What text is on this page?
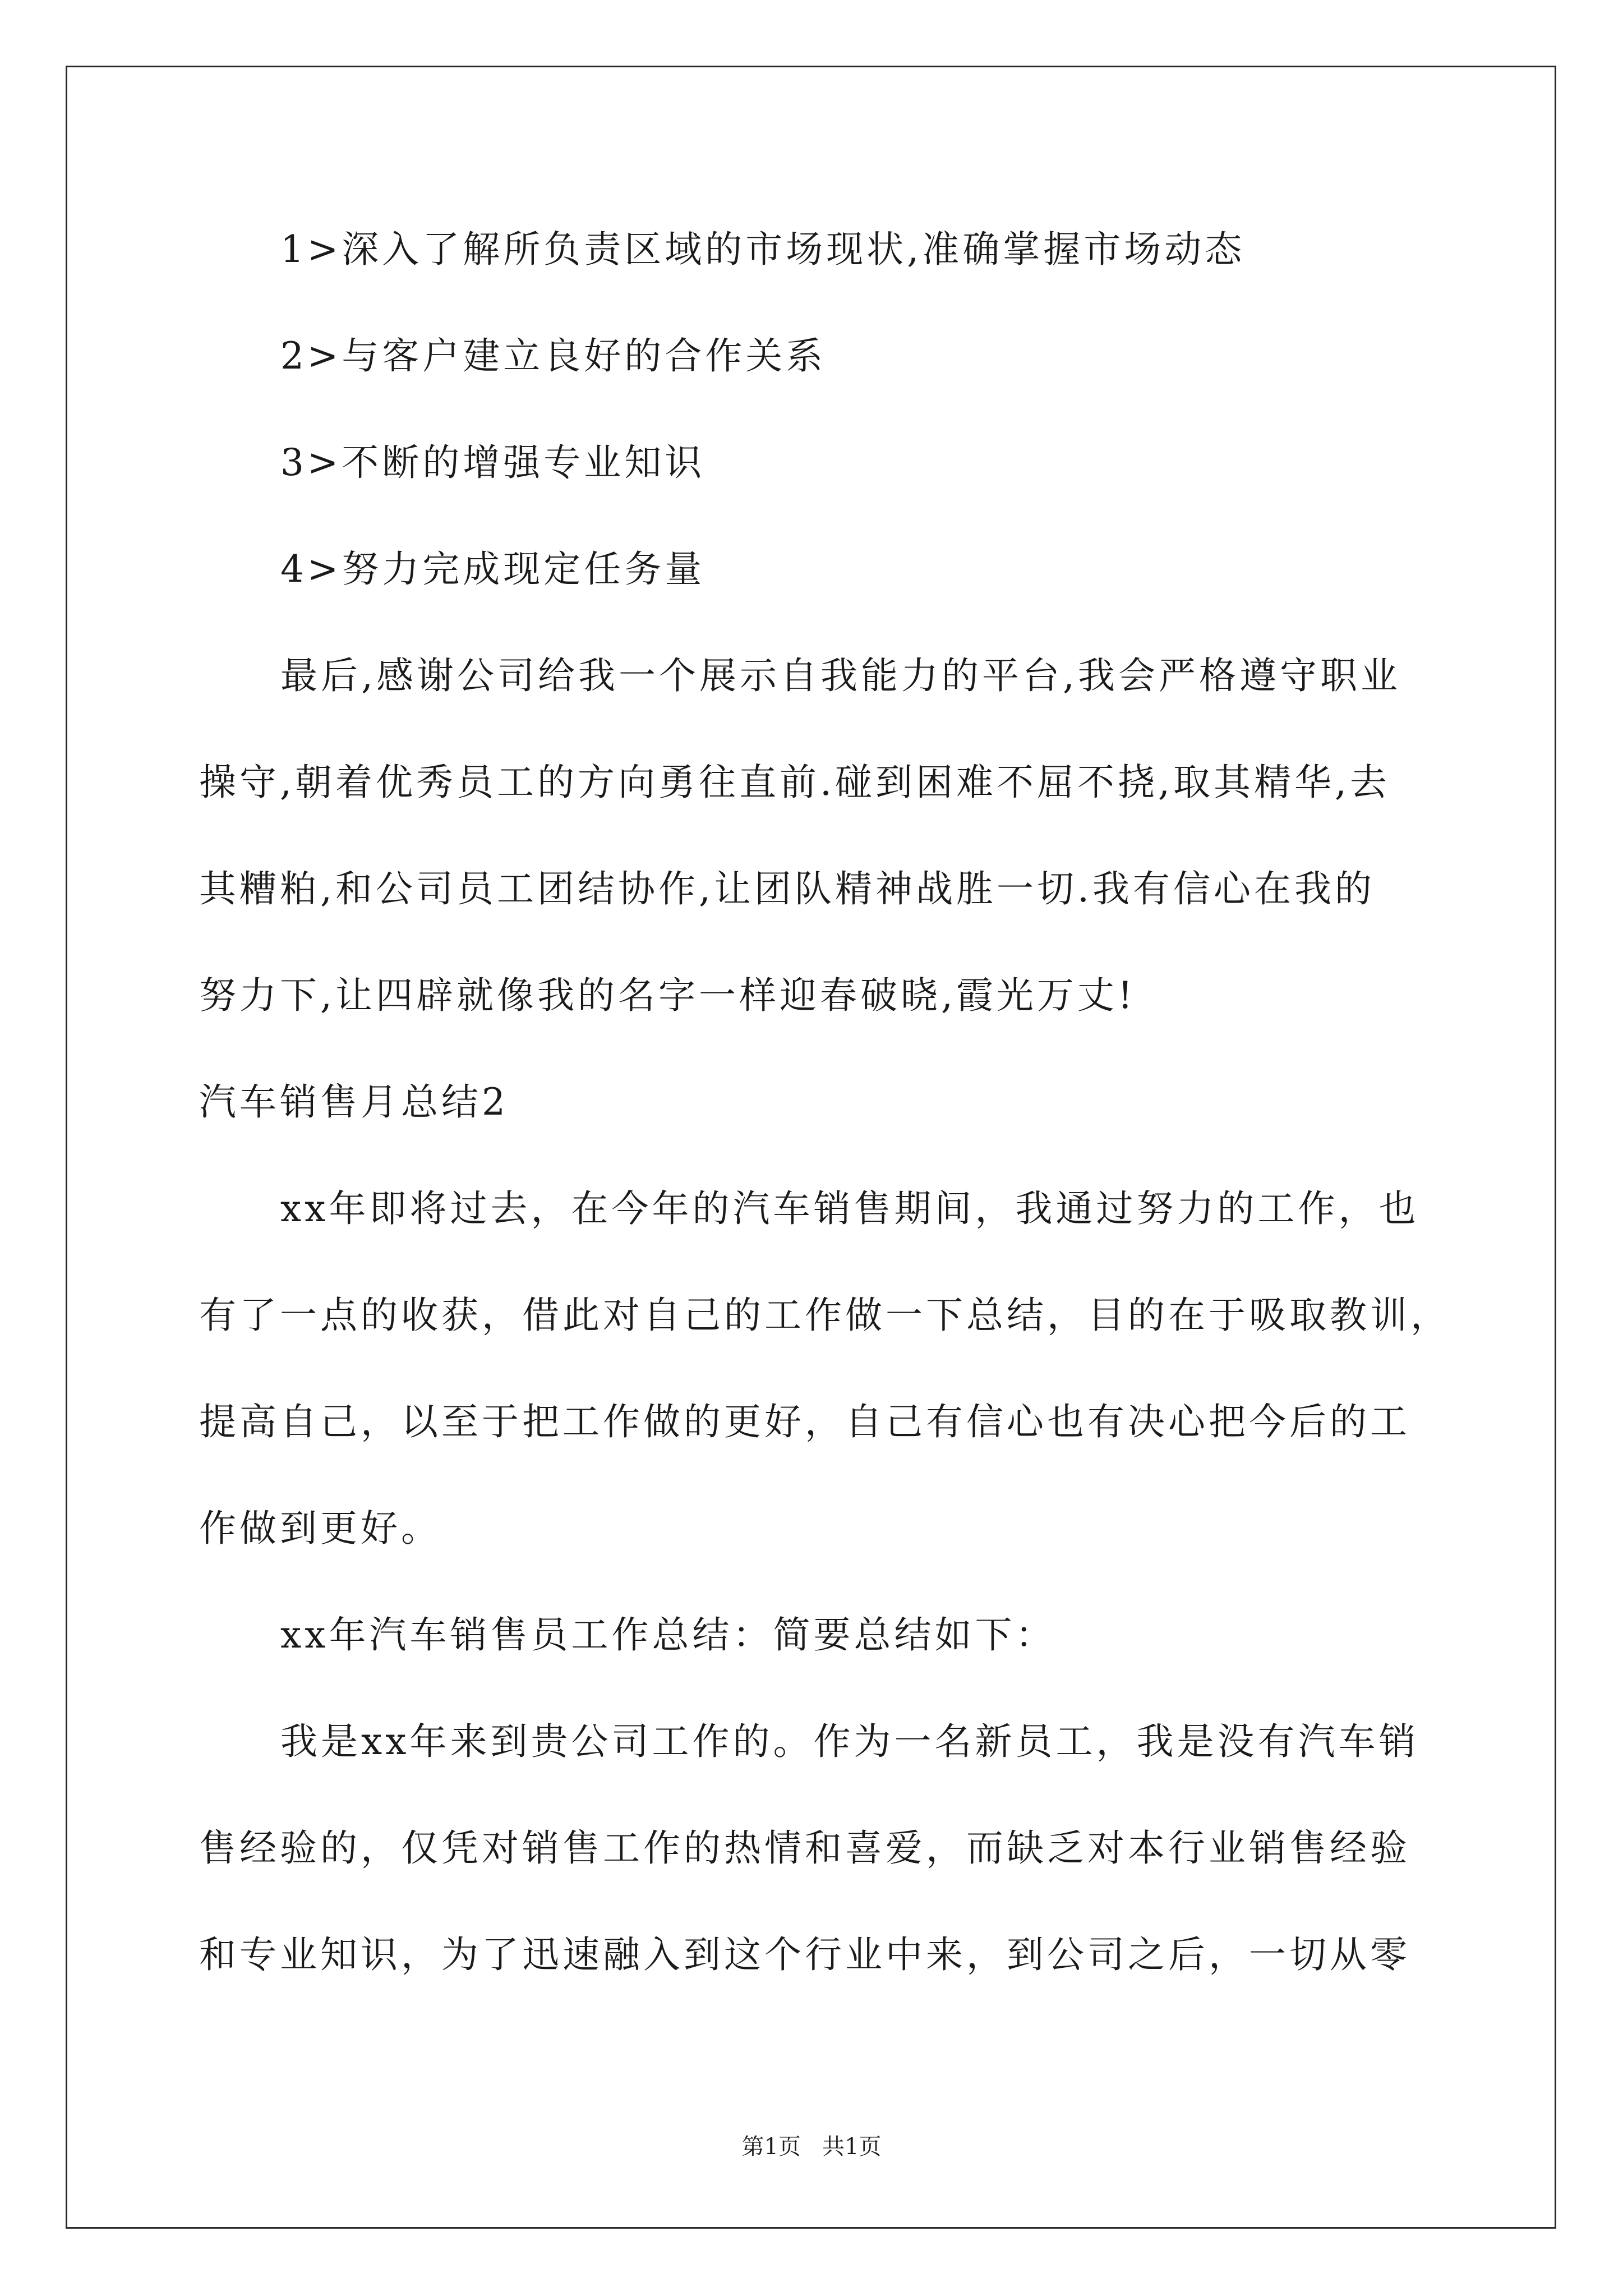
1>深入了解所负责区域的市场现状,准确掌握市场动态
2>与客户建立良好的合作关系
3>不断的增强专业知识
4>努力完成现定任务量
最后,感谢公司给我一个展示自我能力的平台,我会严格遵守职业
操守,朝着优秀员工的方向勇往直前.碰到困难不屈不挠,取其精华,去
其糟粕,和公司员工团结协作,让团队精神战胜一切.我有信心在我的
努力下,让四辟就像我的名字一样迎春破晓,霞光万丈!
汽车销售月总结2
xx年即将过去，在今年的汽车销售期间，我通过努力的工作，也
有了一点的收获，借此对自己的工作做一下总结，目的在于吸取教训，
提高自己，以至于把工作做的更好，自己有信心也有决心把今后的工
作做到更好。
xx年汽车销售员工作总结：简要总结如下：
我是xx年来到贵公司工作的。作为一名新员工，我是没有汽车销
售经验的，仅凭对销售工作的热情和喜爱，而缺乏对本行业销售经验
和专业知识，为了迅速融入到这个行业中来，到公司之后，一切从零
第1页   共1页
